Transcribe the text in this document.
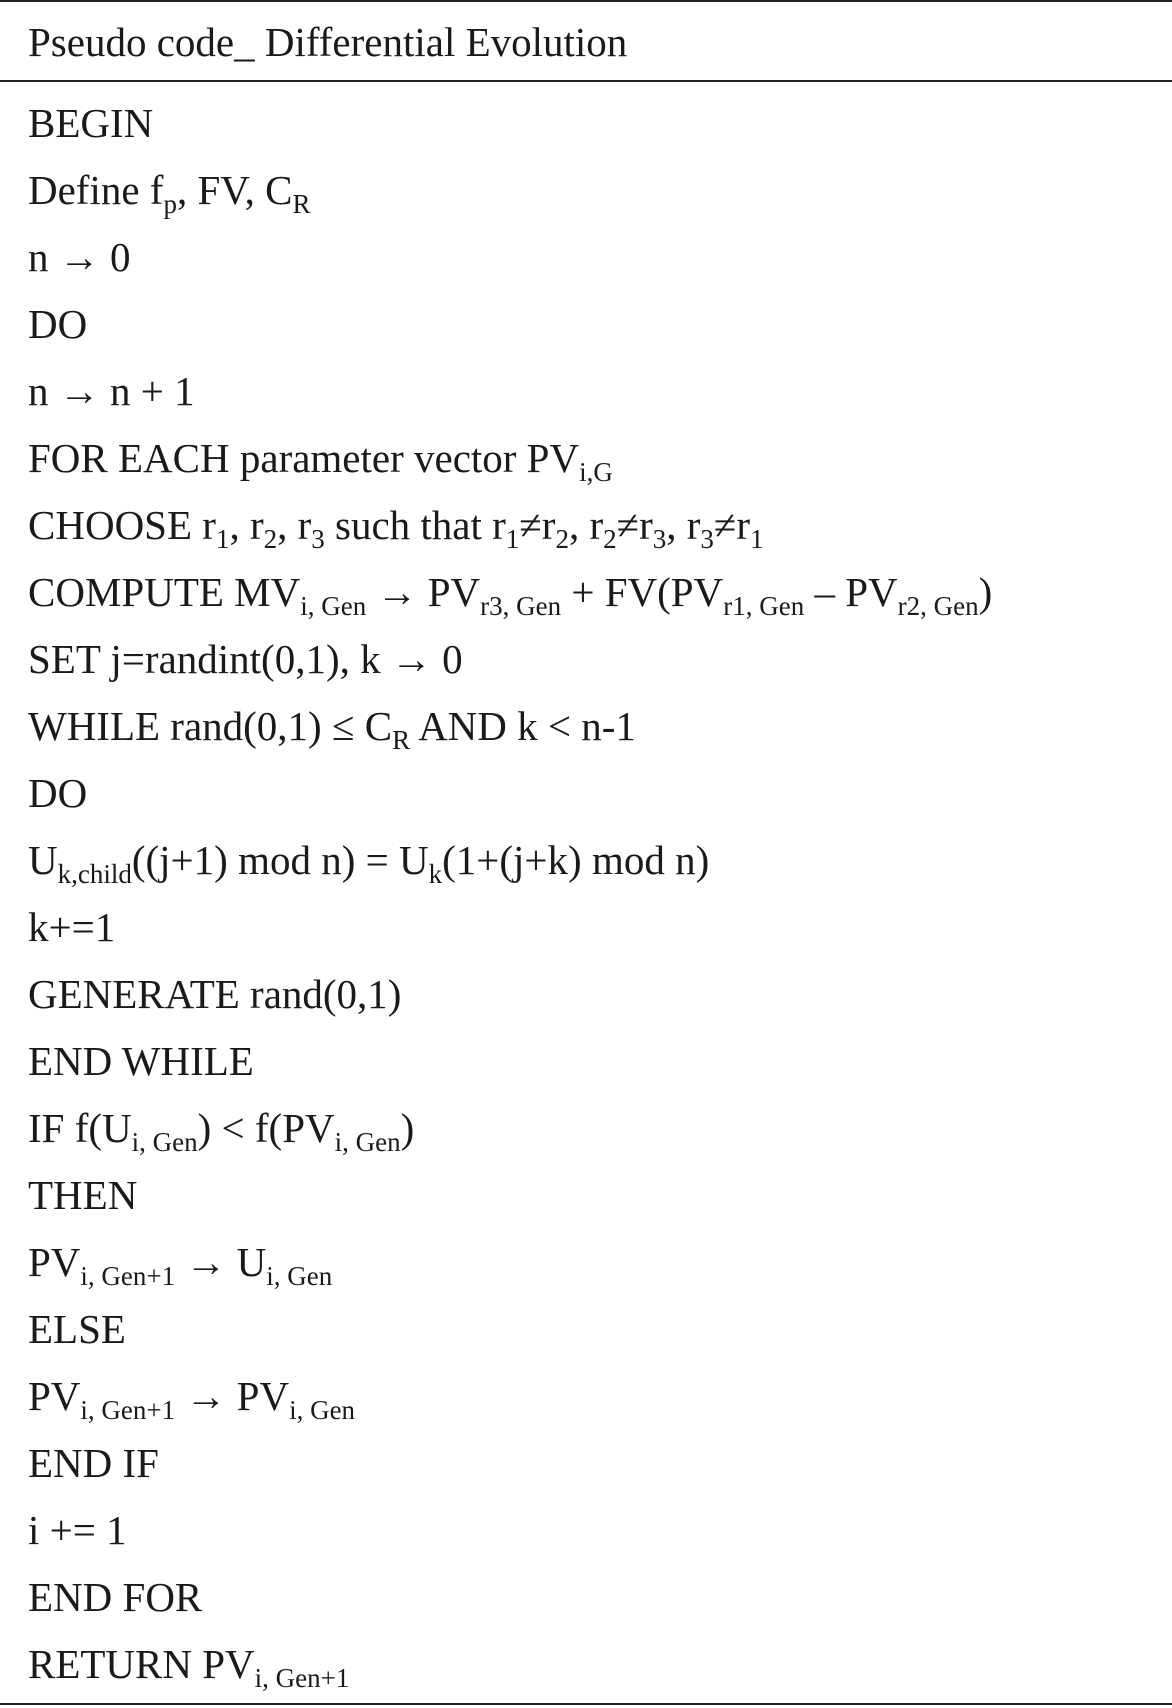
Pseudo code_ Differential Evolution
BEGIN
Define $f_p$, FV, $C_R$
n → 0
DO
n → n + 1
FOR EACH parameter vector $PV_{i,G}$
CHOOSE $r_1$, $r_2$, $r_3$ such that $r_1\ne r_2$, $r_2\ne r_3$, $r_3\ne r_1$
COMPUTE $MV_{i, Gen} \to PV_{r3, Gen} + FV(PV_{r1, Gen} - PV_{r2, Gen})$
SET j=randint(0,1), k → 0
WHILE rand(0,1) ≤ $C_R$ AND k < n-1
DO
$U_{k,child}((j+1)$ mod $n) = U_k(1+(j+k)$ mod n)
k+=1
GENERATE rand(0,1)
END WHILE
IF $f(U_{i, Gen}) < f(PV_{i, Gen})$
THEN
$PV_{i, Gen+1} \to U_{i, Gen}$
ELSE
$PV_{i, Gen+1} \to PV_{i, Gen}$
END IF
i += 1
END FOR
RETURN $PV_{i, Gen+1}$
